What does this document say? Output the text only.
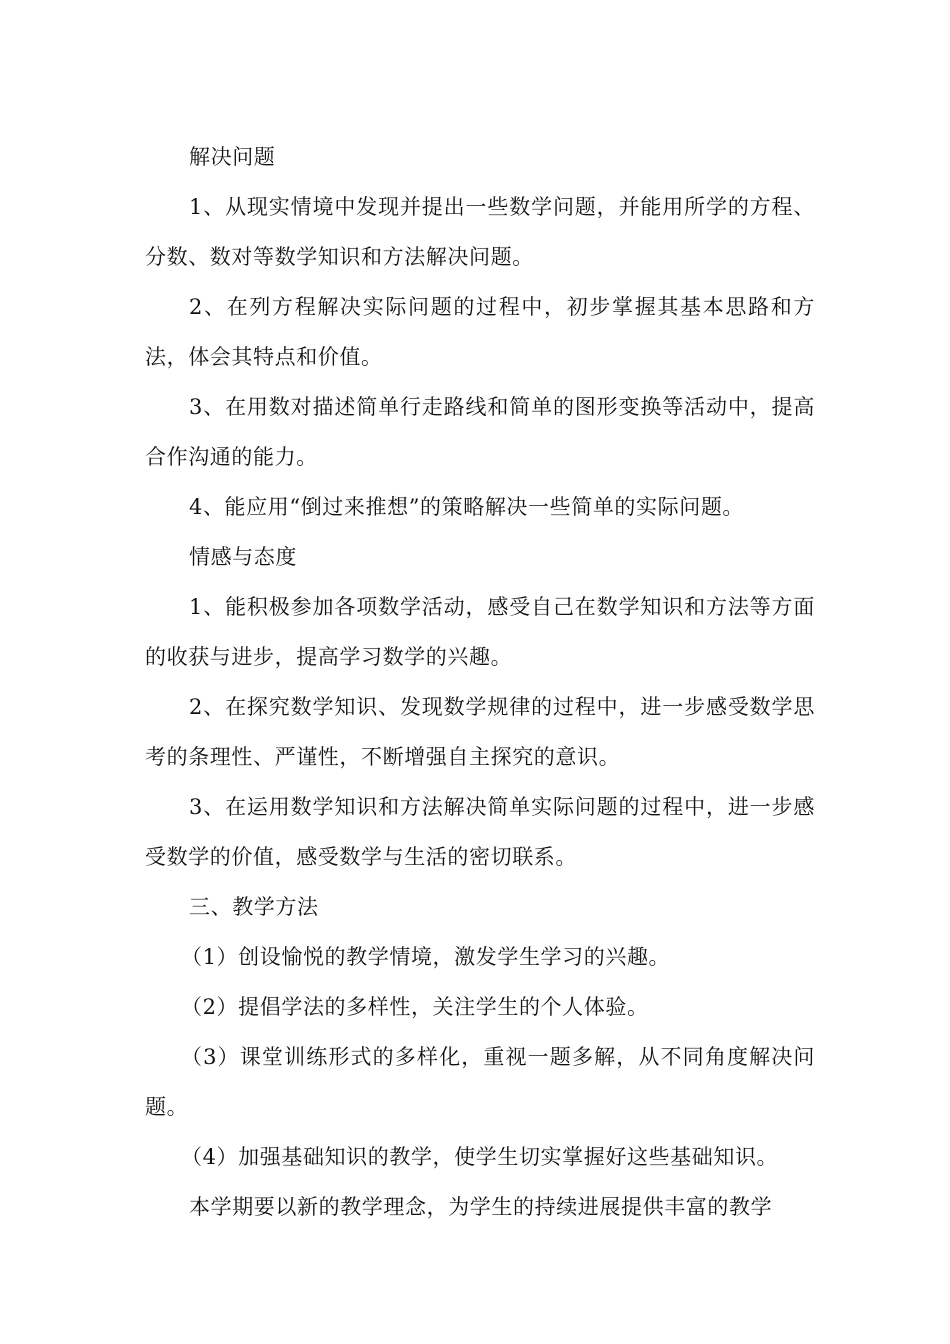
解决问题

1、从现实情境中发现并提出一些数学问题，并能用所学的方程、分数、数对等数学知识和方法解决问题。

2、在列方程解决实际问题的过程中，初步掌握其基本思路和方法，体会其特点和价值。

3、在用数对描述简单行走路线和简单的图形变换等活动中，提高合作沟通的能力。

4、能应用“倒过来推想”的策略解决一些简单的实际问题。

情感与态度

1、能积极参加各项数学活动，感受自己在数学知识和方法等方面的收获与进步，提高学习数学的兴趣。

2、在探究数学知识、发现数学规律的过程中，进一步感受数学思考的条理性、严谨性，不断增强自主探究的意识。

3、在运用数学知识和方法解决简单实际问题的过程中，进一步感受数学的价值，感受数学与生活的密切联系。

三、教学方法

（1）创设愉悦的教学情境，激发学生学习的兴趣。

（2）提倡学法的多样性，关注学生的个人体验。

（3）课堂训练形式的多样化，重视一题多解，从不同角度解决问题。

（4）加强基础知识的教学，使学生切实掌握好这些基础知识。

本学期要以新的教学理念，为学生的持续进展提供丰富的教学
